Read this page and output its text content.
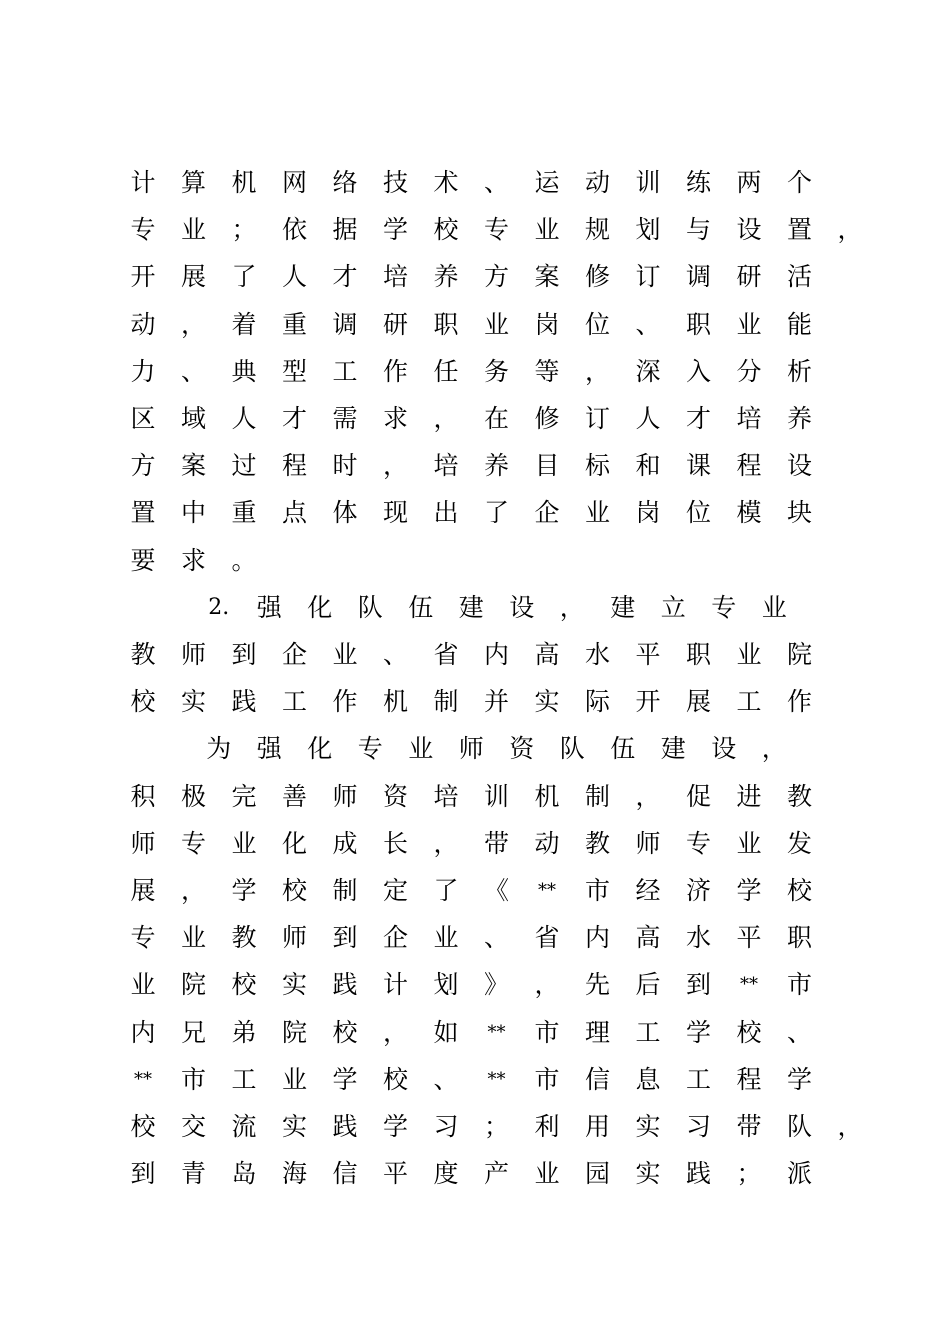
计 算 机 网 络 技 术 、 运 动 训 练 两 个
专 业 ； 依 据 学 校 专 业 规 划 与 设 置 ，
开 展 了 人 才 培 养 方 案 修 订 调 研 活
动 ， 着 重 调 研 职 业 岗 位 、 职 业 能
力 、 典 型 工 作 任 务 等 ， 深 入 分 析
区 域 人 才 需 求 ， 在 修 订 人 才 培 养
方 案 过 程 时 ， 培 养 目 标 和 课 程 设
置 中 重 点 体 现 出 了 企 业 岗 位 模 块
要 求 。
2. 强 化 队 伍 建 设 ， 建 立 专 业
教 师 到 企 业 、 省 内 高 水 平 职 业 院
校 实 践 工 作 机 制 并 实 际 开 展 工 作
为 强 化 专 业 师 资 队 伍 建 设 ，
积 极 完 善 师 资 培 训 机 制 ， 促 进 教
师 专 业 化 成 长 ， 带 动 教 师 专 业 发
展 ， 学 校 制 定 了 《 ** 市 经 济 学 校
专 业 教 师 到 企 业 、 省 内 高 水 平 职
业 院 校 实 践 计 划 》 ， 先 后 到 ** 市
内 兄 弟 院 校 ， 如 ** 市 理 工 学 校 、
** 市 工 业 学 校 、 ** 市 信 息 工 程 学
校 交 流 实 践 学 习 ； 利 用 实 习 带 队 ，
到 青 岛 海 信 平 度 产 业 园 实 践 ； 派
